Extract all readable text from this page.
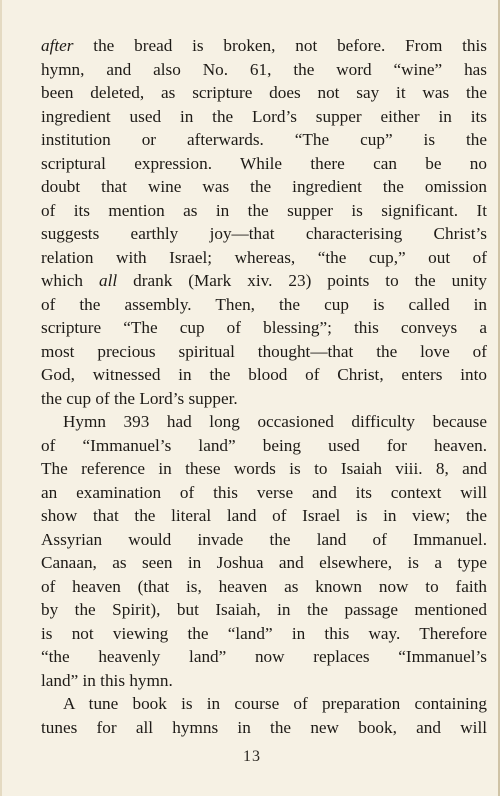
after the bread is broken, not before. From this
hymn, and also No. 61, the word “wine” has
been deleted, as scripture does not say it was the
ingredient used in the Lord’s supper either in its
institution or afterwards. “The cup” is the
scriptural expression. While there can be no
doubt that wine was the ingredient the omission
of its mention as in the supper is significant. It
suggests earthly joy—that characterising Christ’s
relation with Israel; whereas, “the cup,” out of
which all drank (Mark xiv. 23) points to the unity
of the assembly. Then, the cup is called in
scripture “The cup of blessing”; this conveys a
most precious spiritual thought—that the love of
God, witnessed in the blood of Christ, enters into
the cup of the Lord’s supper.
Hymn 393 had long occasioned difficulty because
of “Immanuel’s land” being used for heaven.
The reference in these words is to Isaiah viii. 8, and
an examination of this verse and its context will
show that the literal land of Israel is in view; the
Assyrian would invade the land of Immanuel.
Canaan, as seen in Joshua and elsewhere, is a type
of heaven (that is, heaven as known now to faith
by the Spirit), but Isaiah, in the passage mentioned
is not viewing the “land” in this way. Therefore
“the heavenly land” now replaces “Immanuel’s
land” in this hymn.
A tune book is in course of preparation containing
tunes for all hymns in the new book, and will
13
